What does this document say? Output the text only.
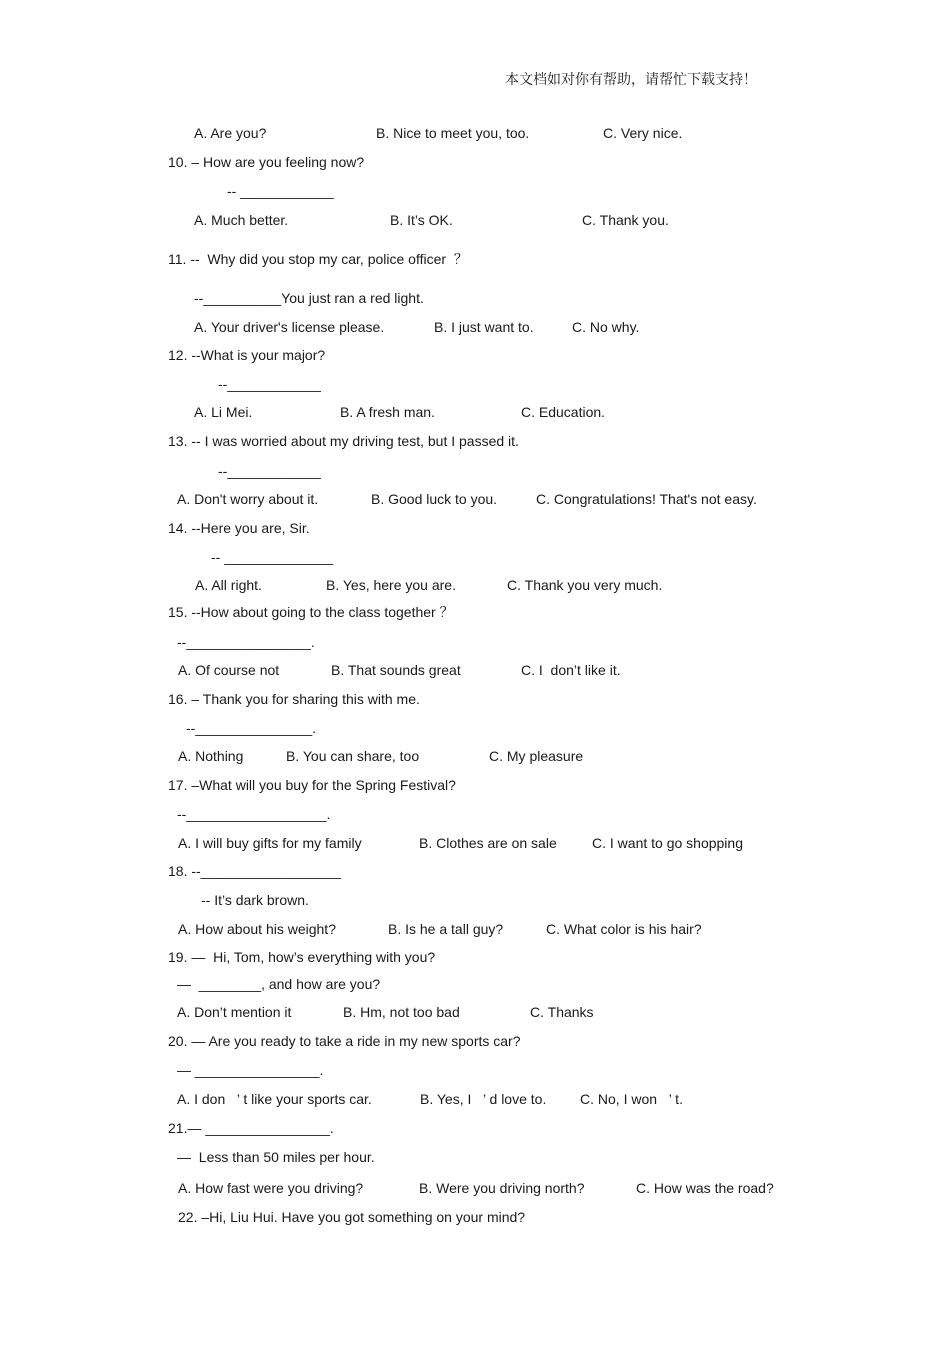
本文档如对你有帮助，请帮忙下载支持！
A. Are you?	B. Nice to meet you, too.	C. Very nice.
10. – How are you feeling now?
-- ____________
A. Much better.	B. It’s OK.	C. Thank you.
11. --  Why did you stop my car, police officer  ？
--__________You just ran a red light.
A. Your driver's license please.	B. I just want to.	C. No why.
12. --What is your major?
--____________
A. Li Mei.	B. A fresh man.	C. Education.
13. -- I was worried about my driving test, but I passed it.
--____________
A. Don't worry about it.	B. Good luck to you.	C. Congratulations! That's not easy.
14. --Here you are, Sir.
-- ______________
A. All right.	B. Yes, here you are.	C. Thank you very much.
15. --How about going to the class together ？
--________________.
A. Of course not	B. That sounds great	C. I  don’t like it.
16. – Thank you for sharing this with me.
--_______________.
A. Nothing	B. You can share, too	C. My pleasure
17. –What will you buy for the Spring Festival?
--__________________.
A. I will buy gifts for my family	B. Clothes are on sale	C. I want to go shopping
18. --__________________
-- It’s dark brown.
A. How about his weight?	B. Is he a tall guy?	C. What color is his hair?
19. —  Hi, Tom, how’s everything with you?
—  ________, and how are you?
A. Don’t mention it	B. Hm, not too bad	C. Thanks
20. — Are you ready to take a ride in my new sports car?
— ________________.
A. I don   ’ t like your sports car.	B. Yes, I   ’ d love to. C. No, I won   ’ t.
21.— ________________.
—  Less than 50 miles per hour.
A. How fast were you driving?	B. Were you driving north?	C. How was the road?
22. –Hi, Liu Hui. Have you got something on your mind?
